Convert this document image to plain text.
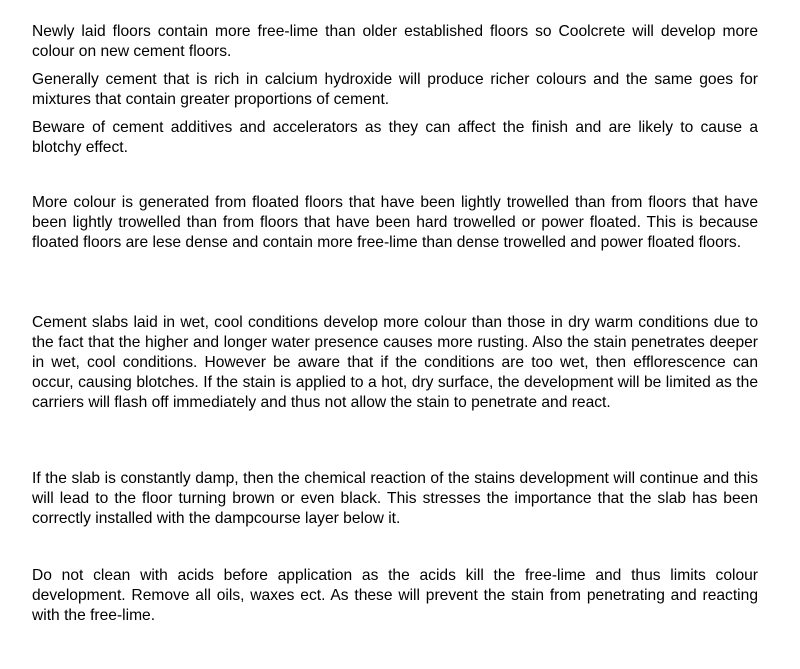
Newly laid floors contain more free-lime than older established floors so Coolcrete will develop more colour on new cement floors.

Generally cement that is rich in calcium hydroxide will produce richer colours and the same goes for mixtures that contain greater proportions of cement.

Beware of cement additives and accelerators as they can affect the finish and are likely to cause a blotchy effect.

More colour is generated from floated floors that have been lightly trowelled than from floors that have been lightly trowelled than from floors that have been hard trowelled or power floated. This is because floated floors are lese dense and contain more free-lime than dense trowelled and power floated floors.

Cement slabs laid in wet, cool conditions develop more colour than those in dry warm conditions due to the fact that the higher and longer water presence causes more rusting. Also the stain penetrates deeper in wet, cool conditions. However be aware that if the conditions are too wet, then efflorescence can occur, causing blotches. If the stain is applied to a hot, dry surface, the development will be limited as the carriers will flash off immediately and thus not allow the stain to penetrate and react.

If the slab is constantly damp, then the chemical reaction of the stains development will continue and this will lead to the floor turning brown or even black. This stresses the importance that the slab has been correctly installed with the dampcourse layer below it.

Do not clean with acids before application as the acids kill the free-lime and thus limits colour development. Remove all oils, waxes ect. As these will prevent the stain from penetrating and reacting with the free-lime.
